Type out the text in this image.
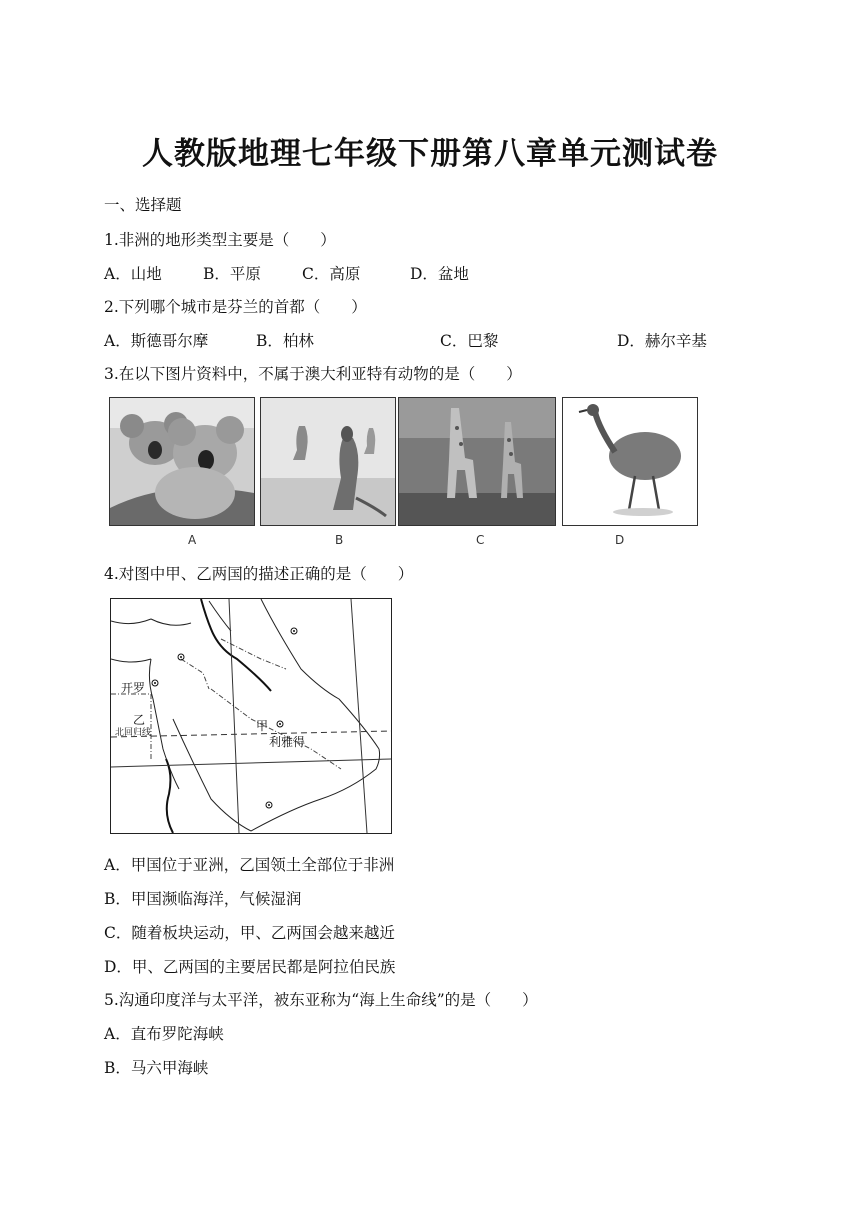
人教版地理七年级下册第八章单元测试卷
一、选择题
1.非洲的地形类型主要是（　　）
A．山地	B．平原	C．高原	D．盆地
2.下列哪个城市是芬兰的首都（　　）
A．斯德哥尔摩	B．柏林	C．巴黎	D．赫尔辛基
3.在以下图片资料中，不属于澳大利亚特有动物的是（　　）
A	B	C	D
4.对图中甲、乙两国的描述正确的是（　　）
开罗
乙
北回归线	甲
利雅得
A．甲国位于亚洲，乙国领土全部位于非洲
B．甲国濒临海洋，气候湿润
C．随着板块运动，甲、乙两国会越来越近
D．甲、乙两国的主要居民都是阿拉伯民族
5.沟通印度洋与太平洋，被东亚称为“海上生命线”的是（　　）
A．直布罗陀海峡
B．马六甲海峡
